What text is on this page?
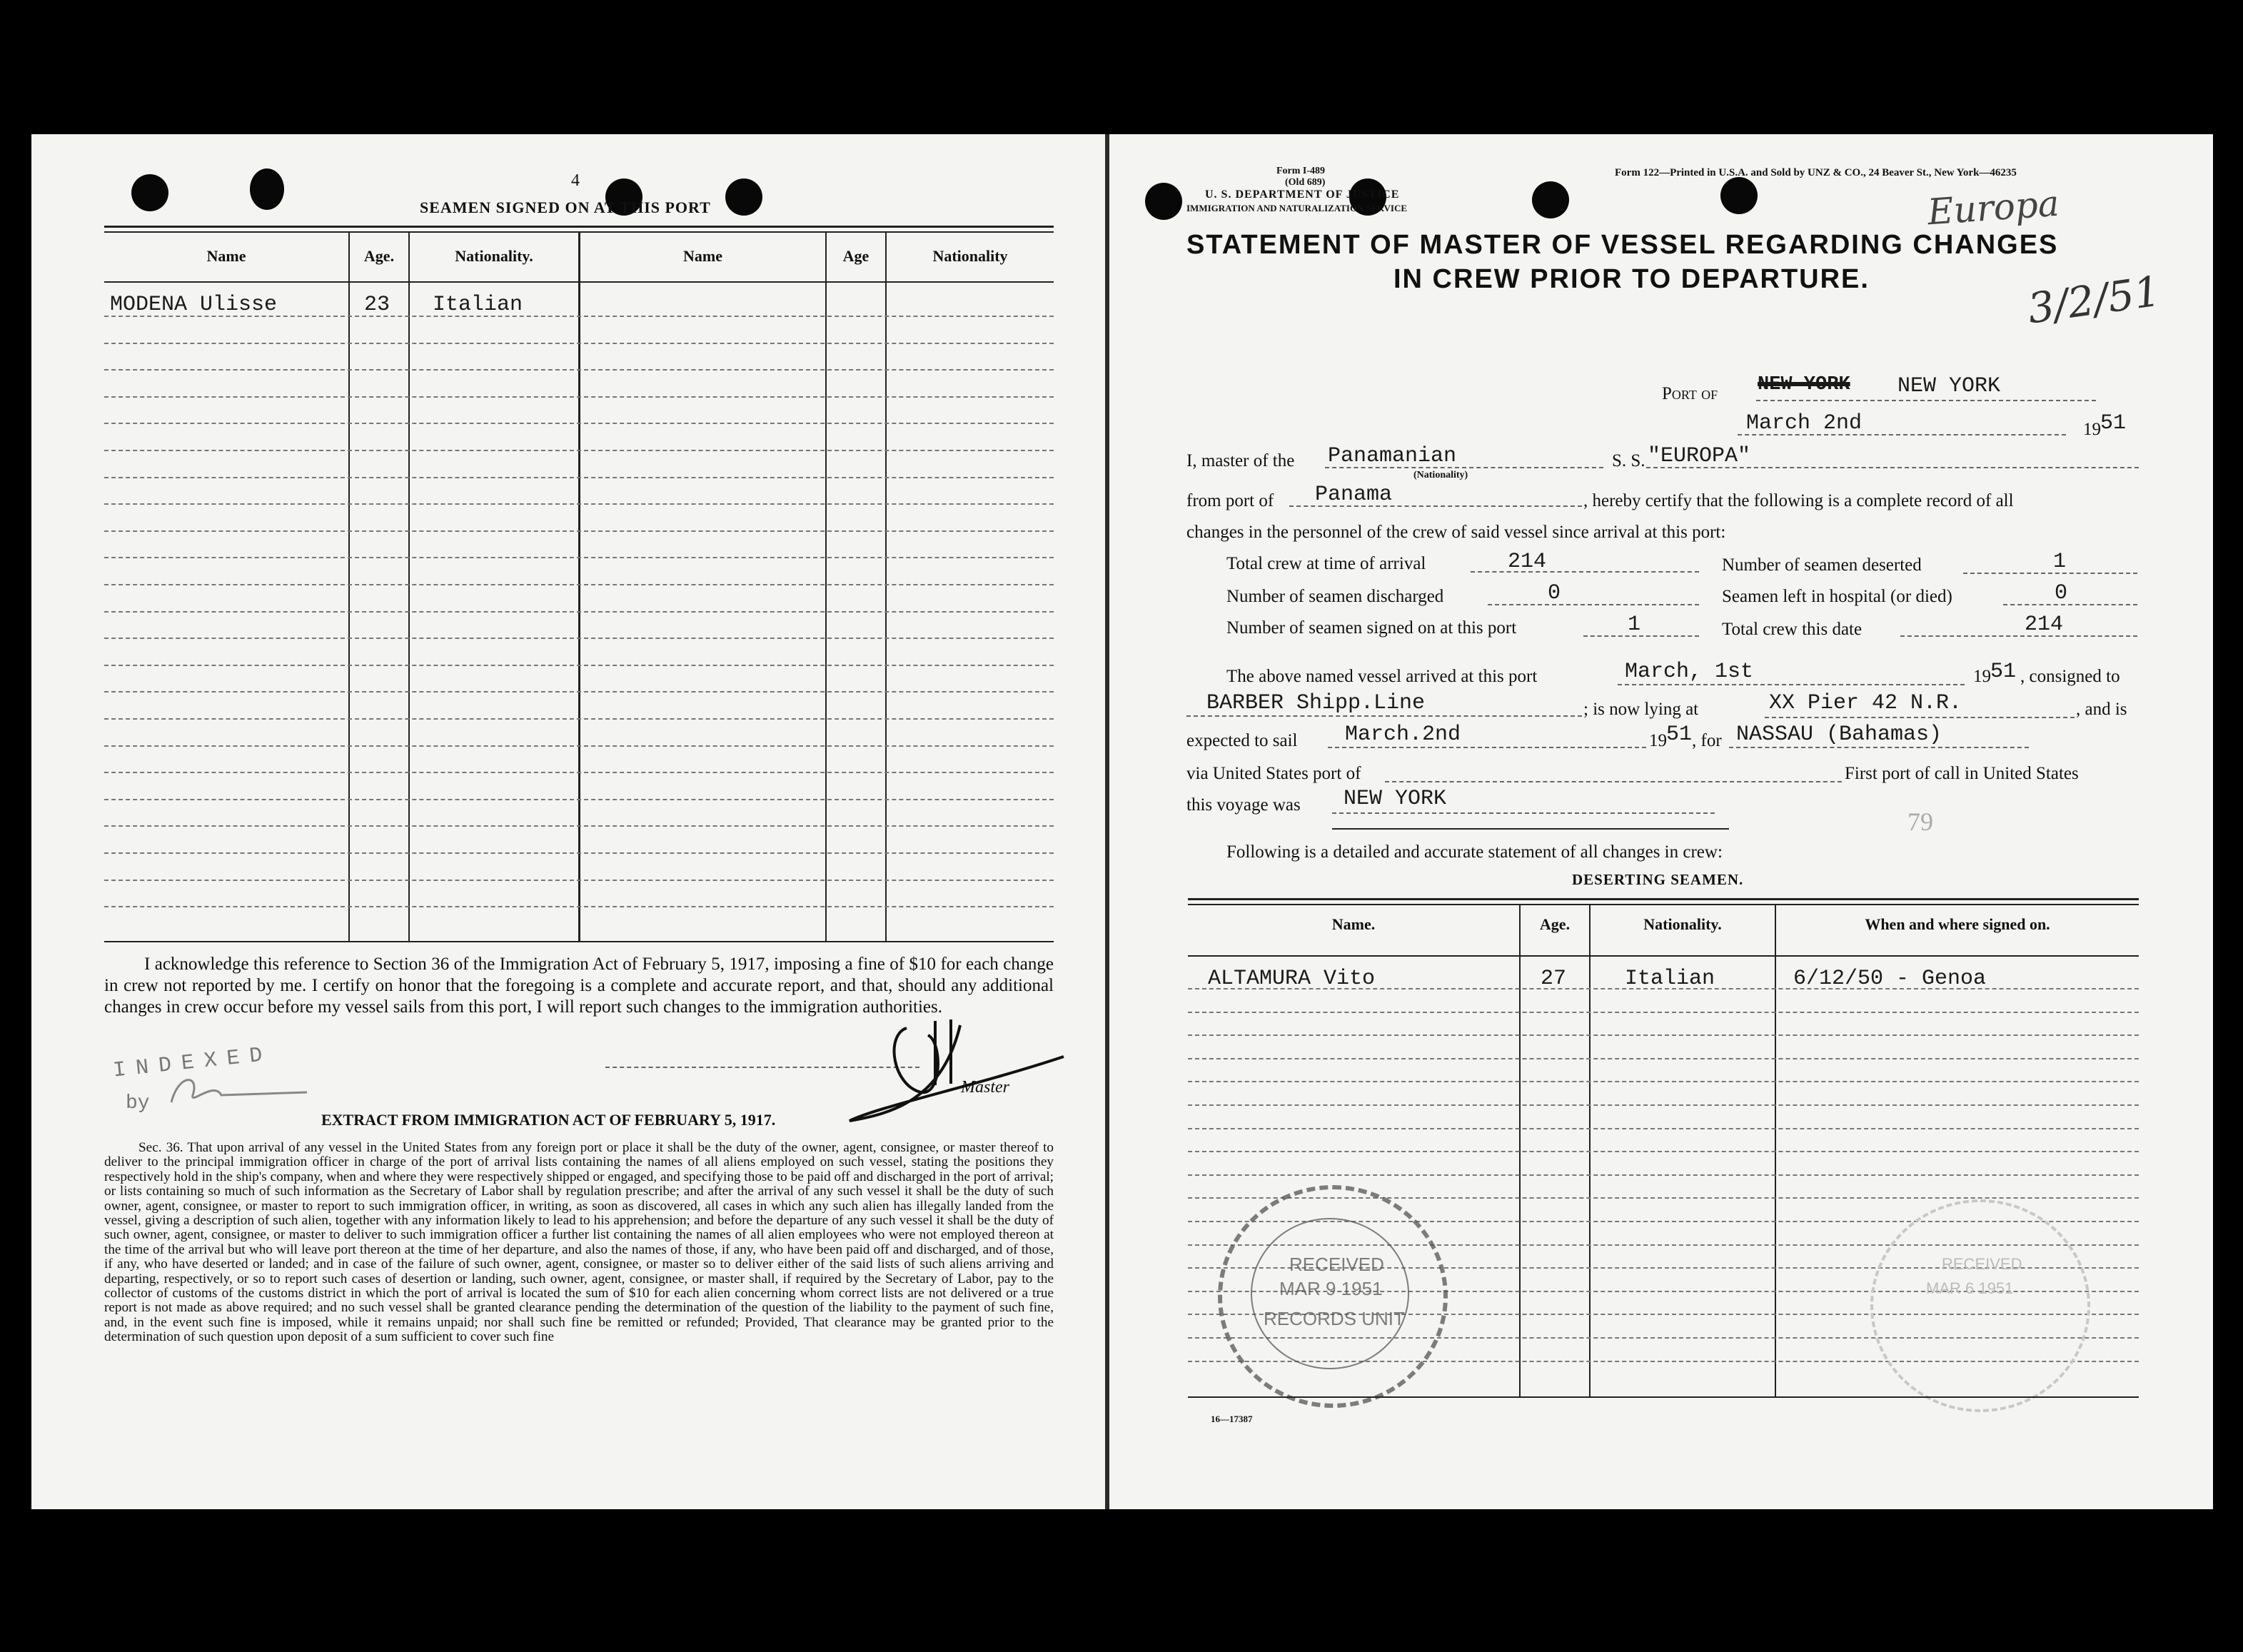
4
SEAMEN SIGNED ON AT THIS PORT
Name	Age.	Nationality.	Name	Age	Nationality
MODENA Ulisse	23 Italian
I acknowledge this reference to Section 36 of the Immigration Act of February 5, 1917, imposing a fine of $10 for each change in crew not reported by me. I certify on honor that the foregoing is a complete and accurate report, and that, should any additional changes in crew occur before my vessel sails from this port, I will report such changes to the immigration authorities.
INDEXED
by
Master
EXTRACT FROM IMMIGRATION ACT OF FEBRUARY 5, 1917.
Sec. 36. That upon arrival of any vessel in the United States from any foreign port or place it shall be the duty of the owner, agent, consignee, or master thereof to deliver to the principal immigration officer in charge of the port of arrival lists containing the names of all aliens employed on such vessel, stating the positions they respectively hold in the ship's company, when and where they were respectively shipped or engaged, and specifying those to be paid off and discharged in the port of arrival; or lists containing so much of such information as the Secretary of Labor shall by regulation prescribe; and after the arrival of any such vessel it shall be the duty of such owner, agent, consignee, or master to report to such immigration officer, in writing, as soon as discovered, all cases in which any such alien has illegally landed from the vessel, giving a description of such alien, together with any information likely to lead to his apprehension; and before the departure of any such vessel it shall be the duty of such owner, agent, consignee, or master to deliver to such immigration officer a further list containing the names of all alien employees who were not employed thereon at the time of the arrival but who will leave port thereon at the time of her departure, and also the names of those, if any, who have been paid off and discharged, and of those, if any, who have deserted or landed; and in case of the failure of such owner, agent, consignee, or master so to deliver either of the said lists of such aliens arriving and departing, respectively, or so to report such cases of desertion or landing, such owner, agent, consignee, or master shall, if required by the Secretary of Labor, pay to the collector of customs of the customs district in which the port of arrival is located the sum of $10 for each alien concerning whom correct lists are not delivered or a true report is not made as above required; and no such vessel shall be granted clearance pending the determination of the question of the liability to the payment of such fine, and, in the event such fine is imposed, while it remains unpaid; nor shall such fine be remitted or refunded; Provided, That clearance may be granted prior to the determination of such question upon deposit of a sum sufficient to cover such fine
Form I-489
(Old 689)
U. S. DEPARTMENT OF JUSTICE
IMMIGRATION AND NATURALIZATION SERVICE
Form 122—Printed in U.S.A. and Sold by UNZ & CO., 24 Beaver St., New York—46235
Europa
3/2/51
STATEMENT OF MASTER OF VESSEL REGARDING CHANGES
IN CREW PRIOR TO DEPARTURE.
Port of NEW YORK NEW YORK
March 2nd	19 51
I, master of the Panamanian
(Nationality)
S. S. "EUROPA"
from port of Panama	, hereby certify that the following is a complete record of all
changes in the personnel of the crew of said vessel since arrival at this port:
Total crew at time of arrival	214	Number of seamen deserted	1
Number of seamen discharged	0	Seamen left in hospital (or died)	0
Number of seamen signed on at this port	1	Total crew this date	214
The above named vessel arrived at this port	March, 1st	19 51 , consigned to
BARBER Shipp.Line	; is now lying at	XX Pier 42 N.R.	, and is
expected to sail March.2nd	19 51 , for NASSAU (Bahamas)
via United States port of	First port of call in United States
this voyage was NEW YORK
79
Following is a detailed and accurate statement of all changes in crew:
DESERTING SEAMEN.
Name.	Age.	Nationality.	When and where signed on.
ALTAMURA Vito	27	Italian	6/12/50 - Genoa
RECEIVED
MAR 9 1951
RECORDS UNIT
RECEIVED
MAR 6 1951
16—17387
